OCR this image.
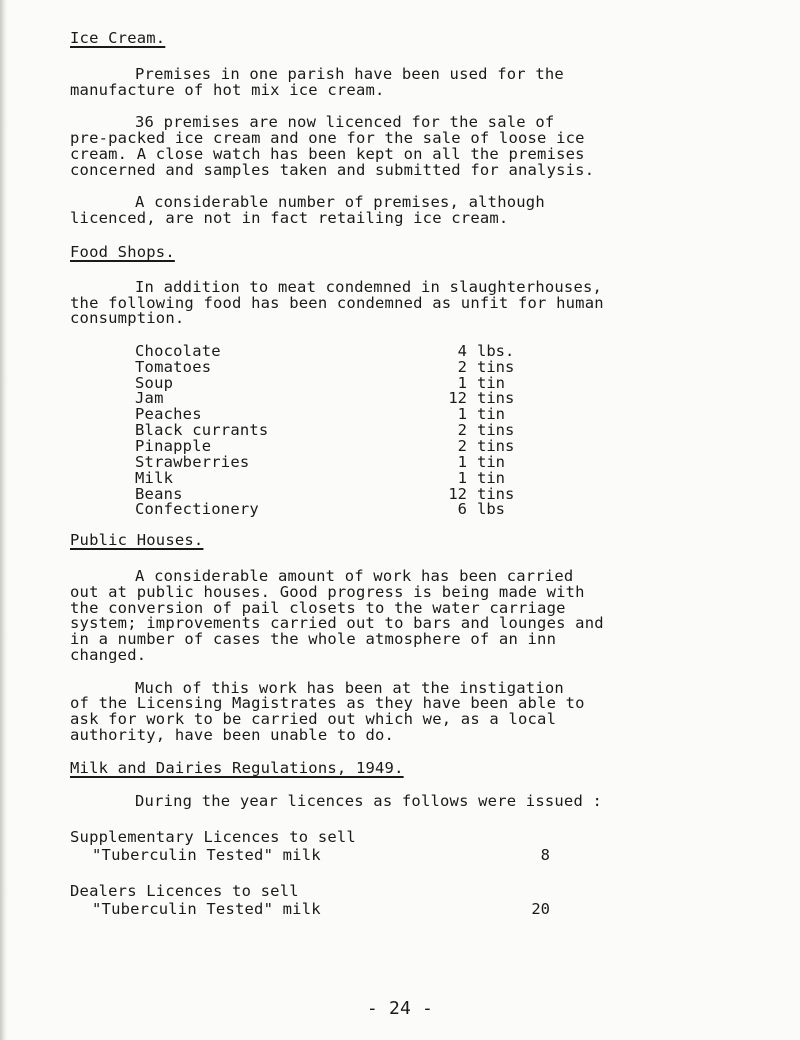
Ice Cream.
Premises in one parish have been used for the
manufacture of hot mix ice cream.
36 premises are now licenced for the sale of
pre-packed ice cream and one for the sale of loose ice
cream. A close watch has been kept on all the premises
concerned and samples taken and submitted for analysis.
A considerable number of premises, although
licenced, are not in fact retailing ice cream.
Food Shops.
In addition to meat condemned in slaughterhouses,
the following food has been condemned as unfit for human
consumption.
Chocolate	4 lbs.
Tomatoes	2 tins
Soup	1 tin
Jam	12 tins
Peaches	1 tin
Black currants	2 tins
Pinapple	2 tins
Strawberries	1 tin
Milk	1 tin
Beans	12 tins
Confectionery	6 lbs
Public Houses.
A considerable amount of work has been carried
out at public houses. Good progress is being made with
the conversion of pail closets to the water carriage
system; improvements carried out to bars and lounges and
in a number of cases the whole atmosphere of an inn
changed.
Much of this work has been at the instigation
of the Licensing Magistrates as they have been able to
ask for work to be carried out which we, as a local
authority, have been unable to do.
Milk and Dairies Regulations, 1949.
During the year licences as follows were issued :
Supplementary Licences to sell
"Tuberculin Tested" milk	8
Dealers Licences to sell
"Tuberculin Tested" milk	20
- 24 -
